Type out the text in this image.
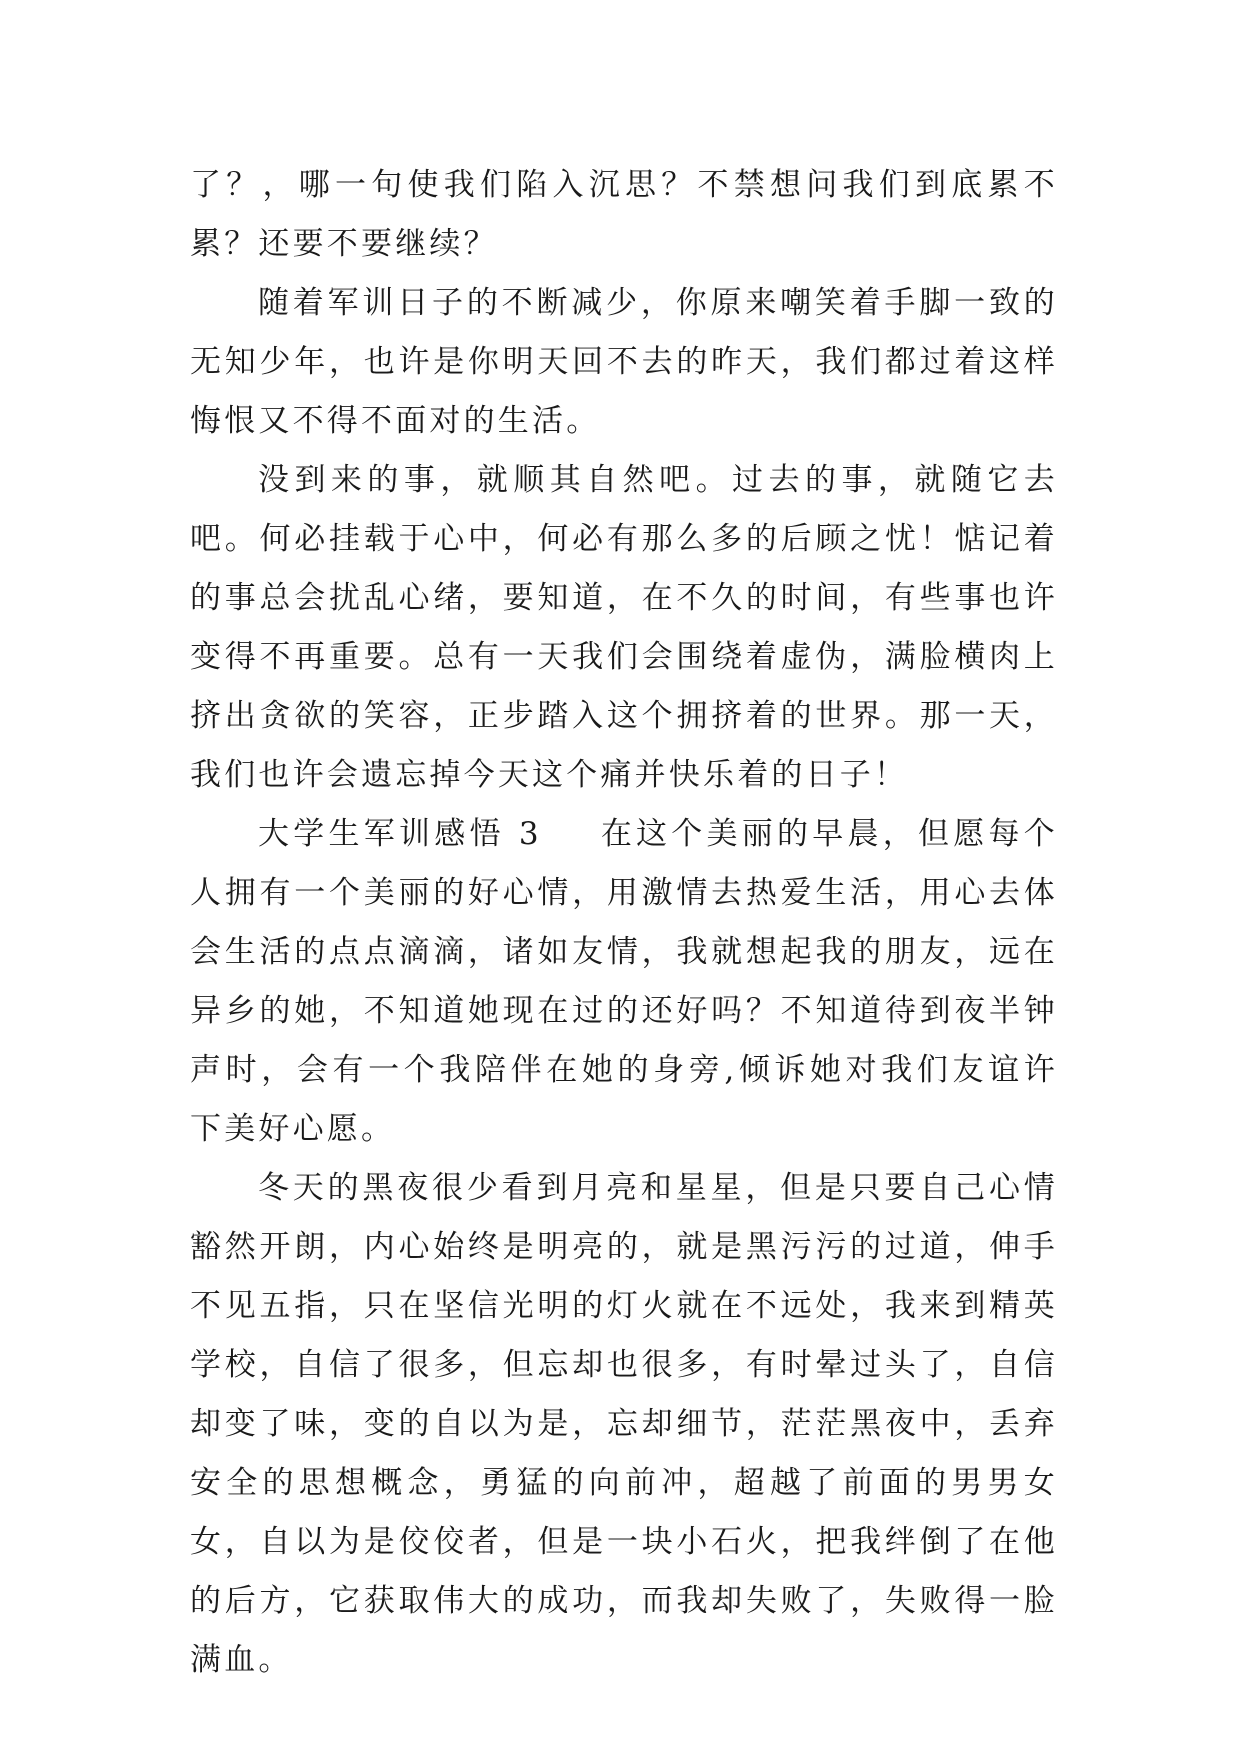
了？，哪一句使我们陷入沉思？不禁想问我们到底累不累？还要不要继续？

随着军训日子的不断减少，你原来嘲笑着手脚一致的无知少年，也许是你明天回不去的昨天，我们都过着这样悔恨又不得不面对的生活。

没到来的事，就顺其自然吧。过去的事，就随它去吧。何必挂载于心中，何必有那么多的后顾之忧！惦记着的事总会扰乱心绪，要知道，在不久的时间，有些事也许变得不再重要。总有一天我们会围绕着虚伪，满脸横肉上挤出贪欲的笑容，正步踏入这个拥挤着的世界。那一天，我们也许会遗忘掉今天这个痛并快乐着的日子！

大学生军训感悟 3 在这个美丽的早晨，但愿每个人拥有一个美丽的好心情，用激情去热爱生活，用心去体会生活的点点滴滴，诸如友情，我就想起我的朋友，远在异乡的她，不知道她现在过的还好吗？不知道待到夜半钟声时，会有一个我陪伴在她的身旁,倾诉她对我们友谊许下美好心愿。

冬天的黑夜很少看到月亮和星星，但是只要自己心情豁然开朗，内心始终是明亮的，就是黑污污的过道，伸手不见五指，只在坚信光明的灯火就在不远处，我来到精英学校，自信了很多，但忘却也很多，有时晕过头了，自信却变了味，变的自以为是，忘却细节，茫茫黑夜中，丢弃安全的思想概念，勇猛的向前冲，超越了前面的男男女女，自以为是佼佼者，但是一块小石火，把我绊倒了在他的后方，它获取伟大的成功，而我却失败了，失败得一脸满血。
